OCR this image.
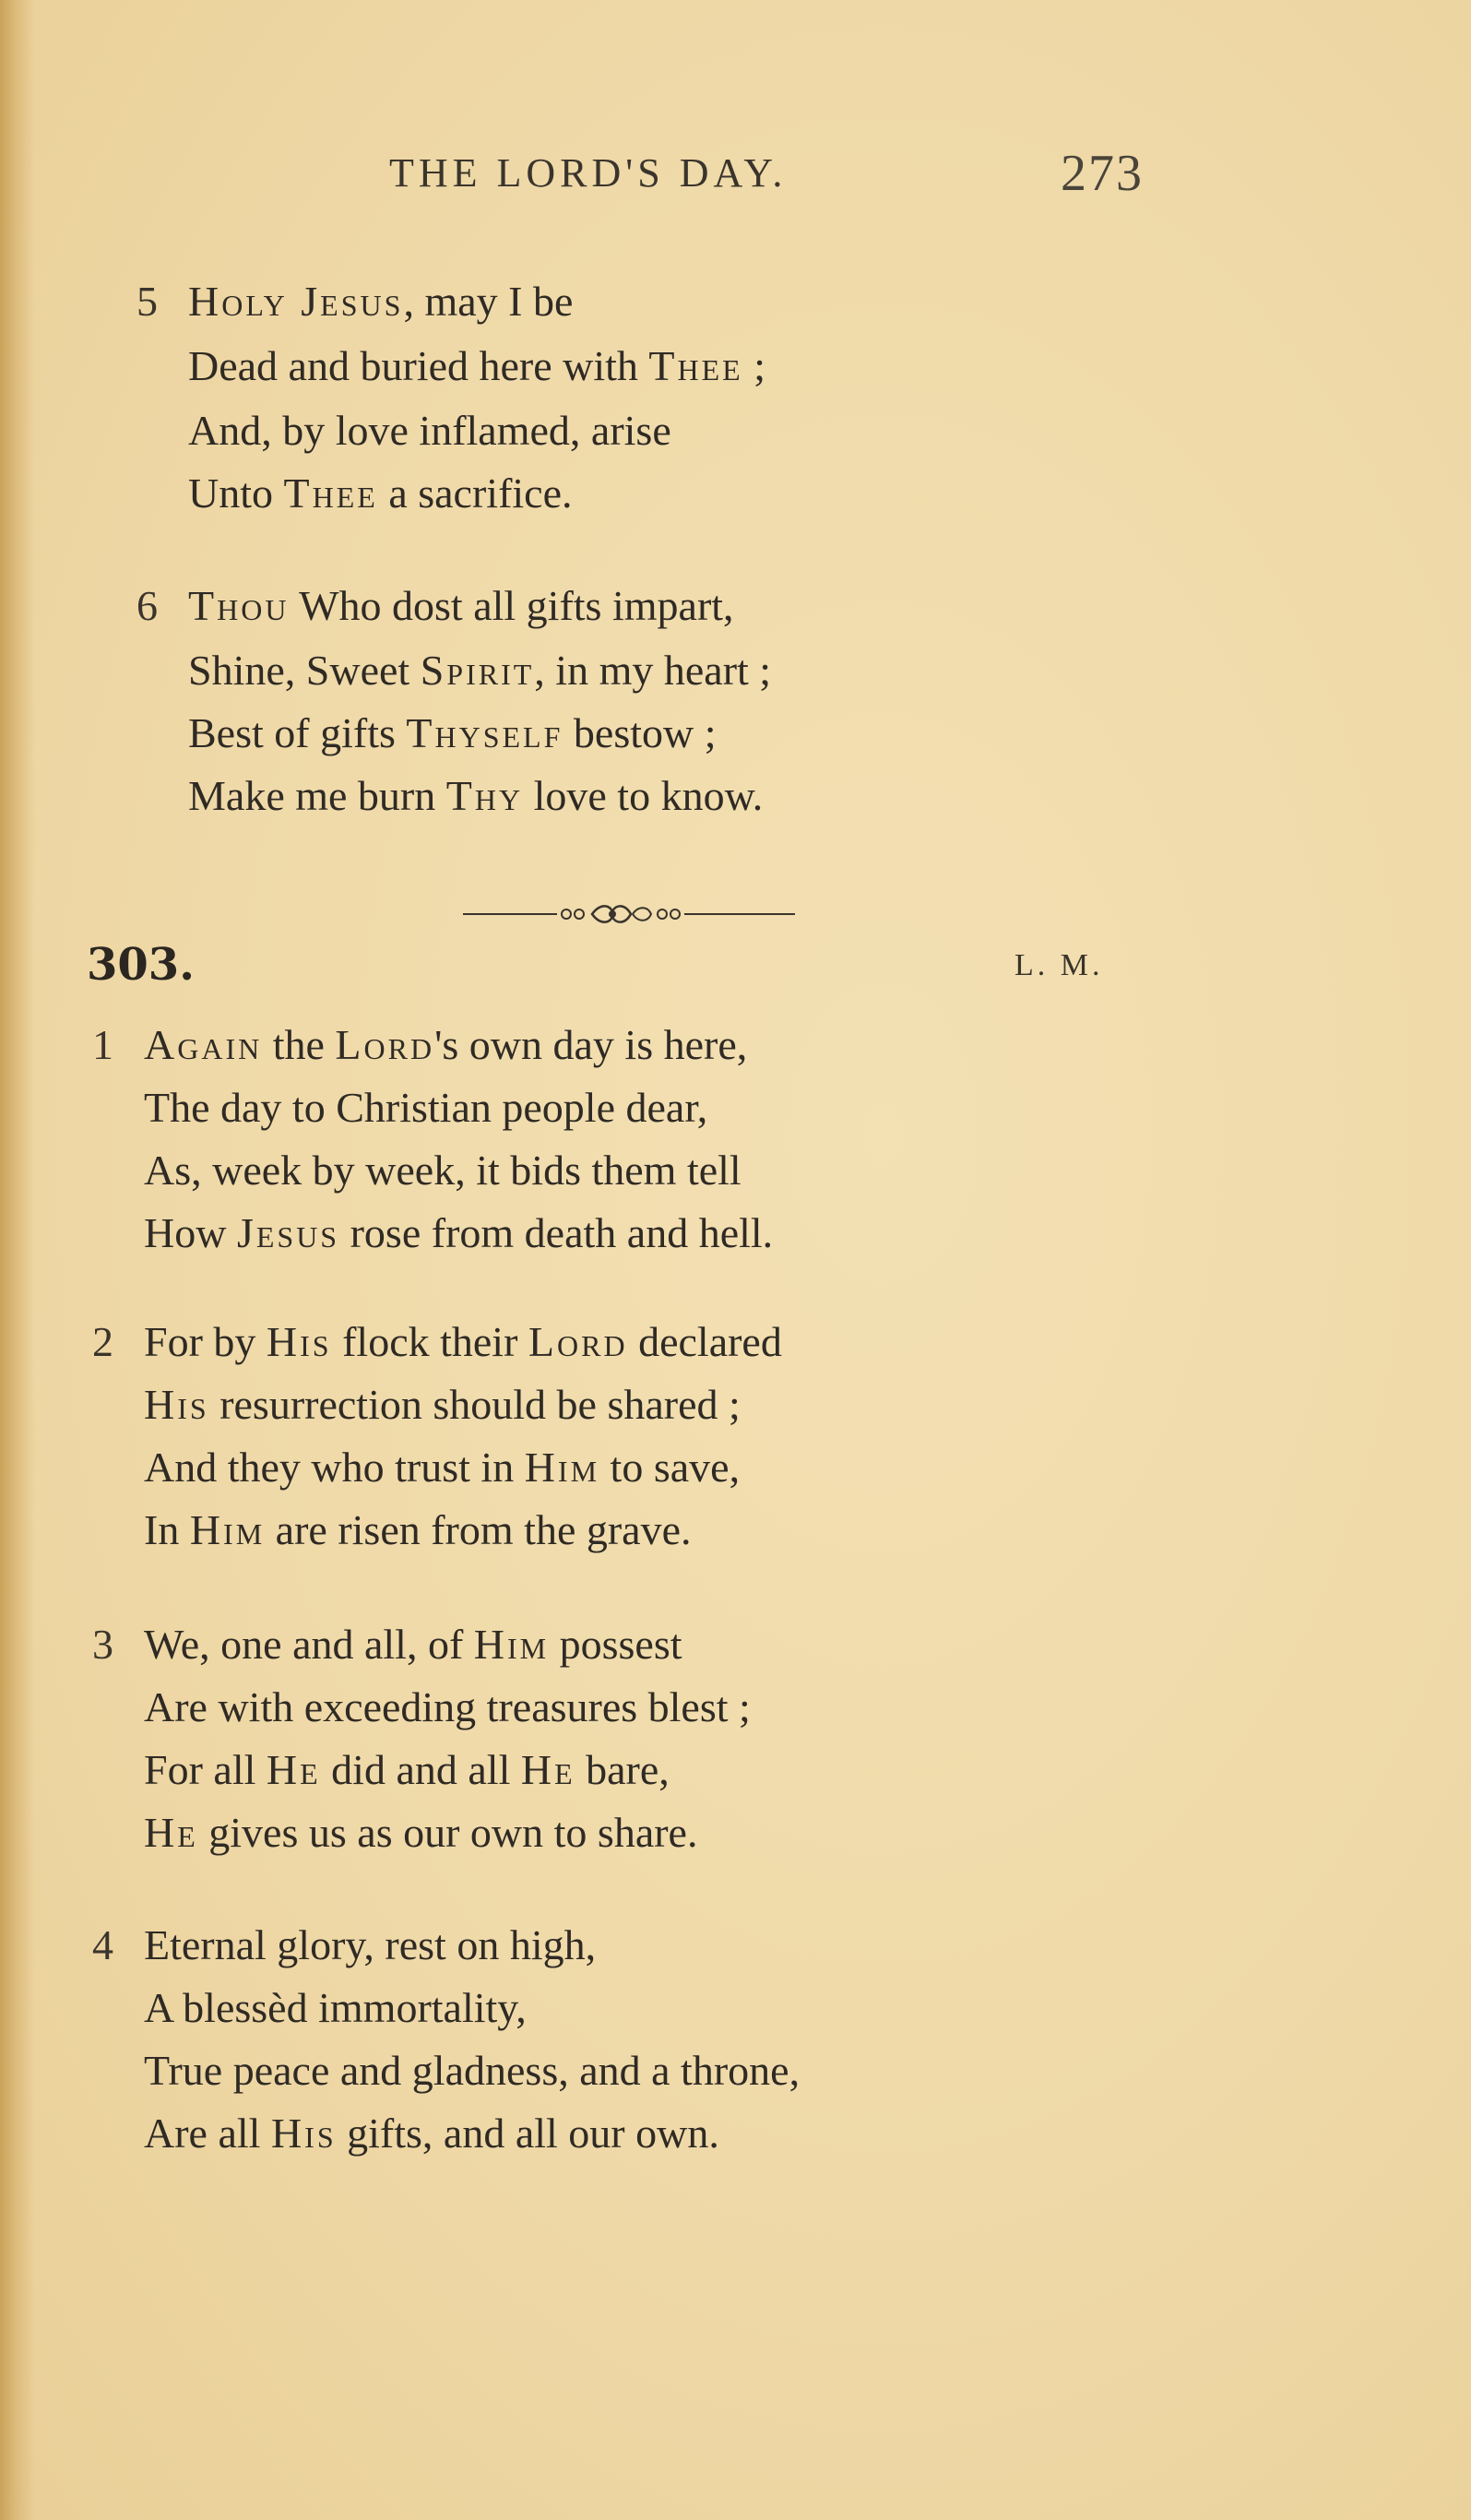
THE LORD'S DAY.	273
5 Holy Jesus, may I be
Dead and buried here with Thee ;
And, by love inflamed, arise
Unto Thee a sacrifice.
6 Thou Who dost all gifts impart,
Shine, Sweet Spirit, in my heart ;
Best of gifts Thyself bestow ;
Make me burn Thy love to know.
303.	L. M.
1 Again the Lord's own day is here,
The day to Christian people dear,
As, week by week, it bids them tell
How Jesus rose from death and hell.
2 For by His flock their Lord declared
His resurrection should be shared ;
And they who trust in Him to save,
In Him are risen from the grave.
3 We, one and all, of Him possest
Are with exceeding treasures blest ;
For all He did and all He bare,
He gives us as our own to share.
4 Eternal glory, rest on high,
A blessèd immortality,
True peace and gladness, and a throne,
Are all His gifts, and all our own.
